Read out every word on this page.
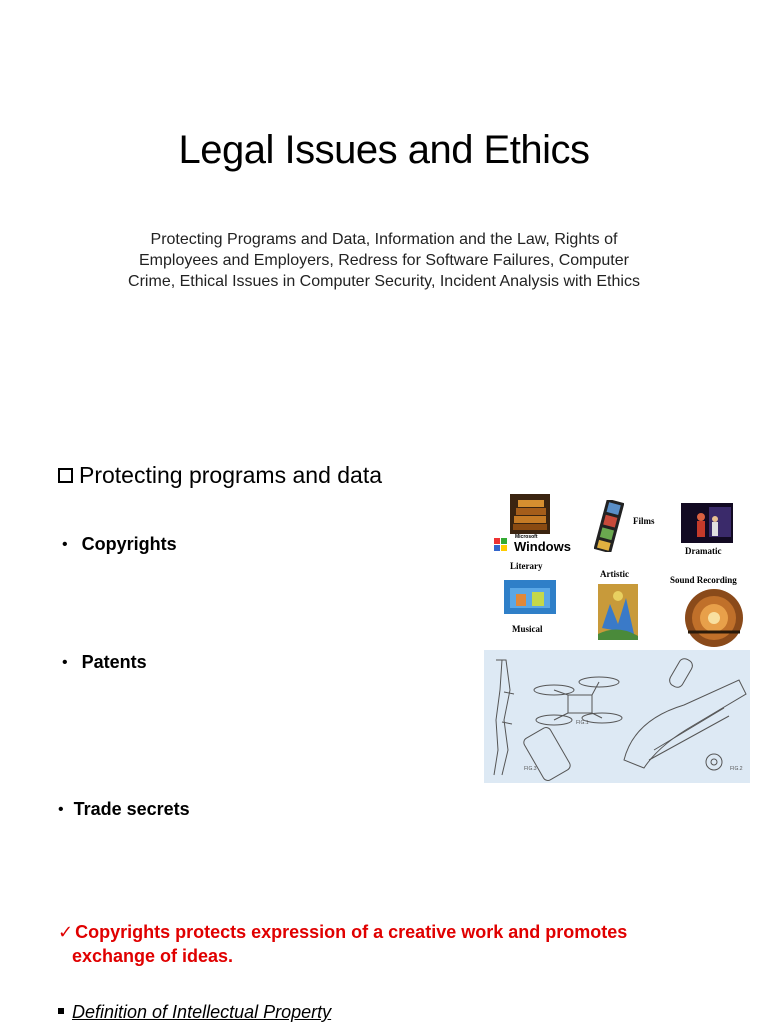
Legal Issues and Ethics
Protecting Programs and Data, Information and the Law, Rights of
Employees and Employers, Redress for Software Failures, Computer
Crime, Ethical Issues in Computer Security, Incident Analysis with Ethics
Protecting programs and data
• Copyrights
• Patents
• Trade secrets
✓ Copyrights protects expression of a creative work and promotes
exchange of ideas.
Definition of Intellectual Property
Microsoft
Windows
Literary
Films
Dramatic
Artistic
Sound Recording
Musical
FIG.1
FIG.2
FIG.3
